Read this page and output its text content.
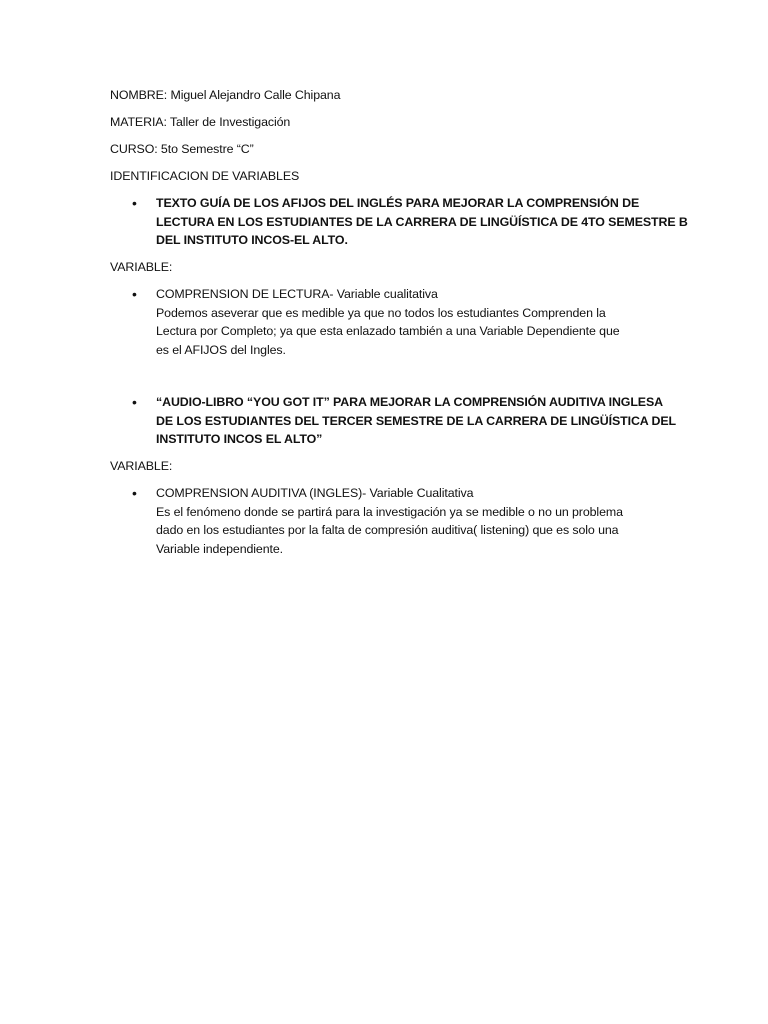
NOMBRE: Miguel Alejandro Calle Chipana
MATERIA: Taller de Investigación
CURSO: 5to Semestre “C”
IDENTIFICACION DE VARIABLES
• TEXTO GUÍA DE LOS AFIJOS DEL INGLÉS PARA MEJORAR LA COMPRENSIÓN DE
LECTURA EN LOS ESTUDIANTES DE LA CARRERA DE LINGÜÍSTICA DE 4TO SEMESTRE B
DEL INSTITUTO INCOS-EL ALTO.
VARIABLE:
• COMPRENSION DE LECTURA- Variable cualitativa
Podemos aseverar que es medible ya que no todos los estudiantes Comprenden la
Lectura por Completo; ya que esta enlazado también a una Variable Dependiente que
es el AFIJOS del Ingles.
• “AUDIO-LIBRO “YOU GOT IT” PARA MEJORAR LA COMPRENSIÓN AUDITIVA INGLESA
DE LOS ESTUDIANTES DEL TERCER SEMESTRE DE LA CARRERA DE LINGÜÍSTICA DEL
INSTITUTO INCOS EL ALTO”
VARIABLE:
• COMPRENSION AUDITIVA (INGLES)- Variable Cualitativa
Es el fenómeno donde se partirá para la investigación ya se medible o no un problema
dado en los estudiantes por la falta de compresión auditiva( listening) que es solo una
Variable independiente.
